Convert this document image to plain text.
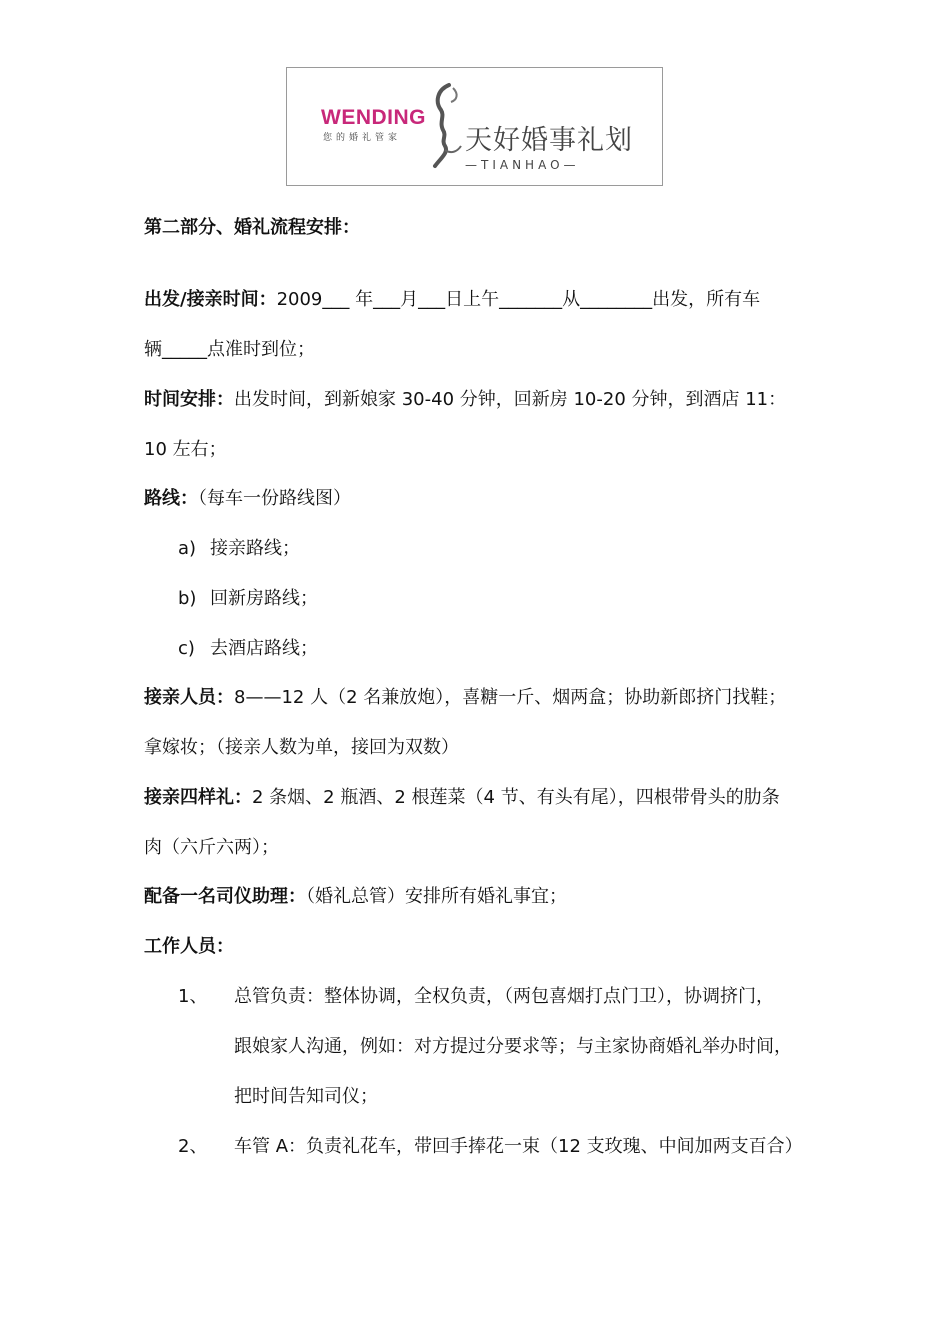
WENDING
您的婚礼管家 天好婚事礼划
—TIANHAO—
第二部分、婚礼流程安排：
出发/接亲时间：2009___ 年___月___日上午_______从________出发，所有车
辆_____点准时到位；
时间安排：出发时间，到新娘家 30-40 分钟，回新房 10-20 分钟，到酒店 11：
10 左右；
路线：（每车一份路线图）
a) 接亲路线；
b) 回新房路线；
c) 去酒店路线；
接亲人员：8——12 人（2 名兼放炮），喜糖一斤、烟两盒；协助新郎挤门找鞋；
拿嫁妆；（接亲人数为单，接回为双数）
接亲四样礼：2 条烟、2 瓶酒、2 根莲菜（4 节、有头有尾），四根带骨头的肋条
肉（六斤六两）；
配备一名司仪助理：（婚礼总管）安排所有婚礼事宜；
工作人员：
1、 总管负责：整体协调，全权负责，（两包喜烟打点门卫），协调挤门，
跟娘家人沟通，例如：对方提过分要求等；与主家协商婚礼举办时间，
把时间告知司仪；
2、 车管 A：负责礼花车，带回手捧花一束（12 支玫瑰、中间加两支百合）
